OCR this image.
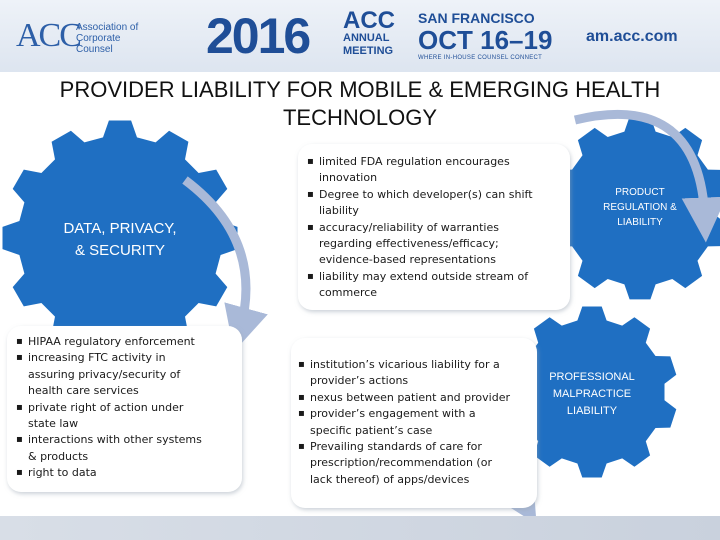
ACC
Association of Corporate Counsel	2016 ACC
ANNUAL
MEETING
SAN FRANCISCO
OCT 16–19
WHERE IN-HOUSE COUNSEL CONNECT
am.acc.com
PROVIDER LIABILITY FOR MOBILE & EMERGING HEALTH TECHNOLOGY
DATA, PRIVACY,
& SECURITY
PRODUCT
REGULATION &
LIABILITY
PROFESSIONAL
MALPRACTICE
LIABILITY
▪ HIPAA regulatory enforcement
▪ increasing FTC activity in
assuring privacy/security of
health care services
▪ private right of action under
state law
▪ interactions with other systems
& products
▪ right to data
▪ limited FDA regulation encourages
innovation
▪ Degree to which developer(s) can shift
liability
▪ accuracy/reliability of warranties
regarding effectiveness/efficacy;
evidence-based representations
▪ liability may extend outside stream of
commerce
▪ institution’s vicarious liability for a
provider’s actions
▪ nexus between patient and provider
▪ provider’s engagement with a
specific patient’s case
▪ Prevailing standards of care for
prescription/recommendation (or
lack thereof) of apps/devices
